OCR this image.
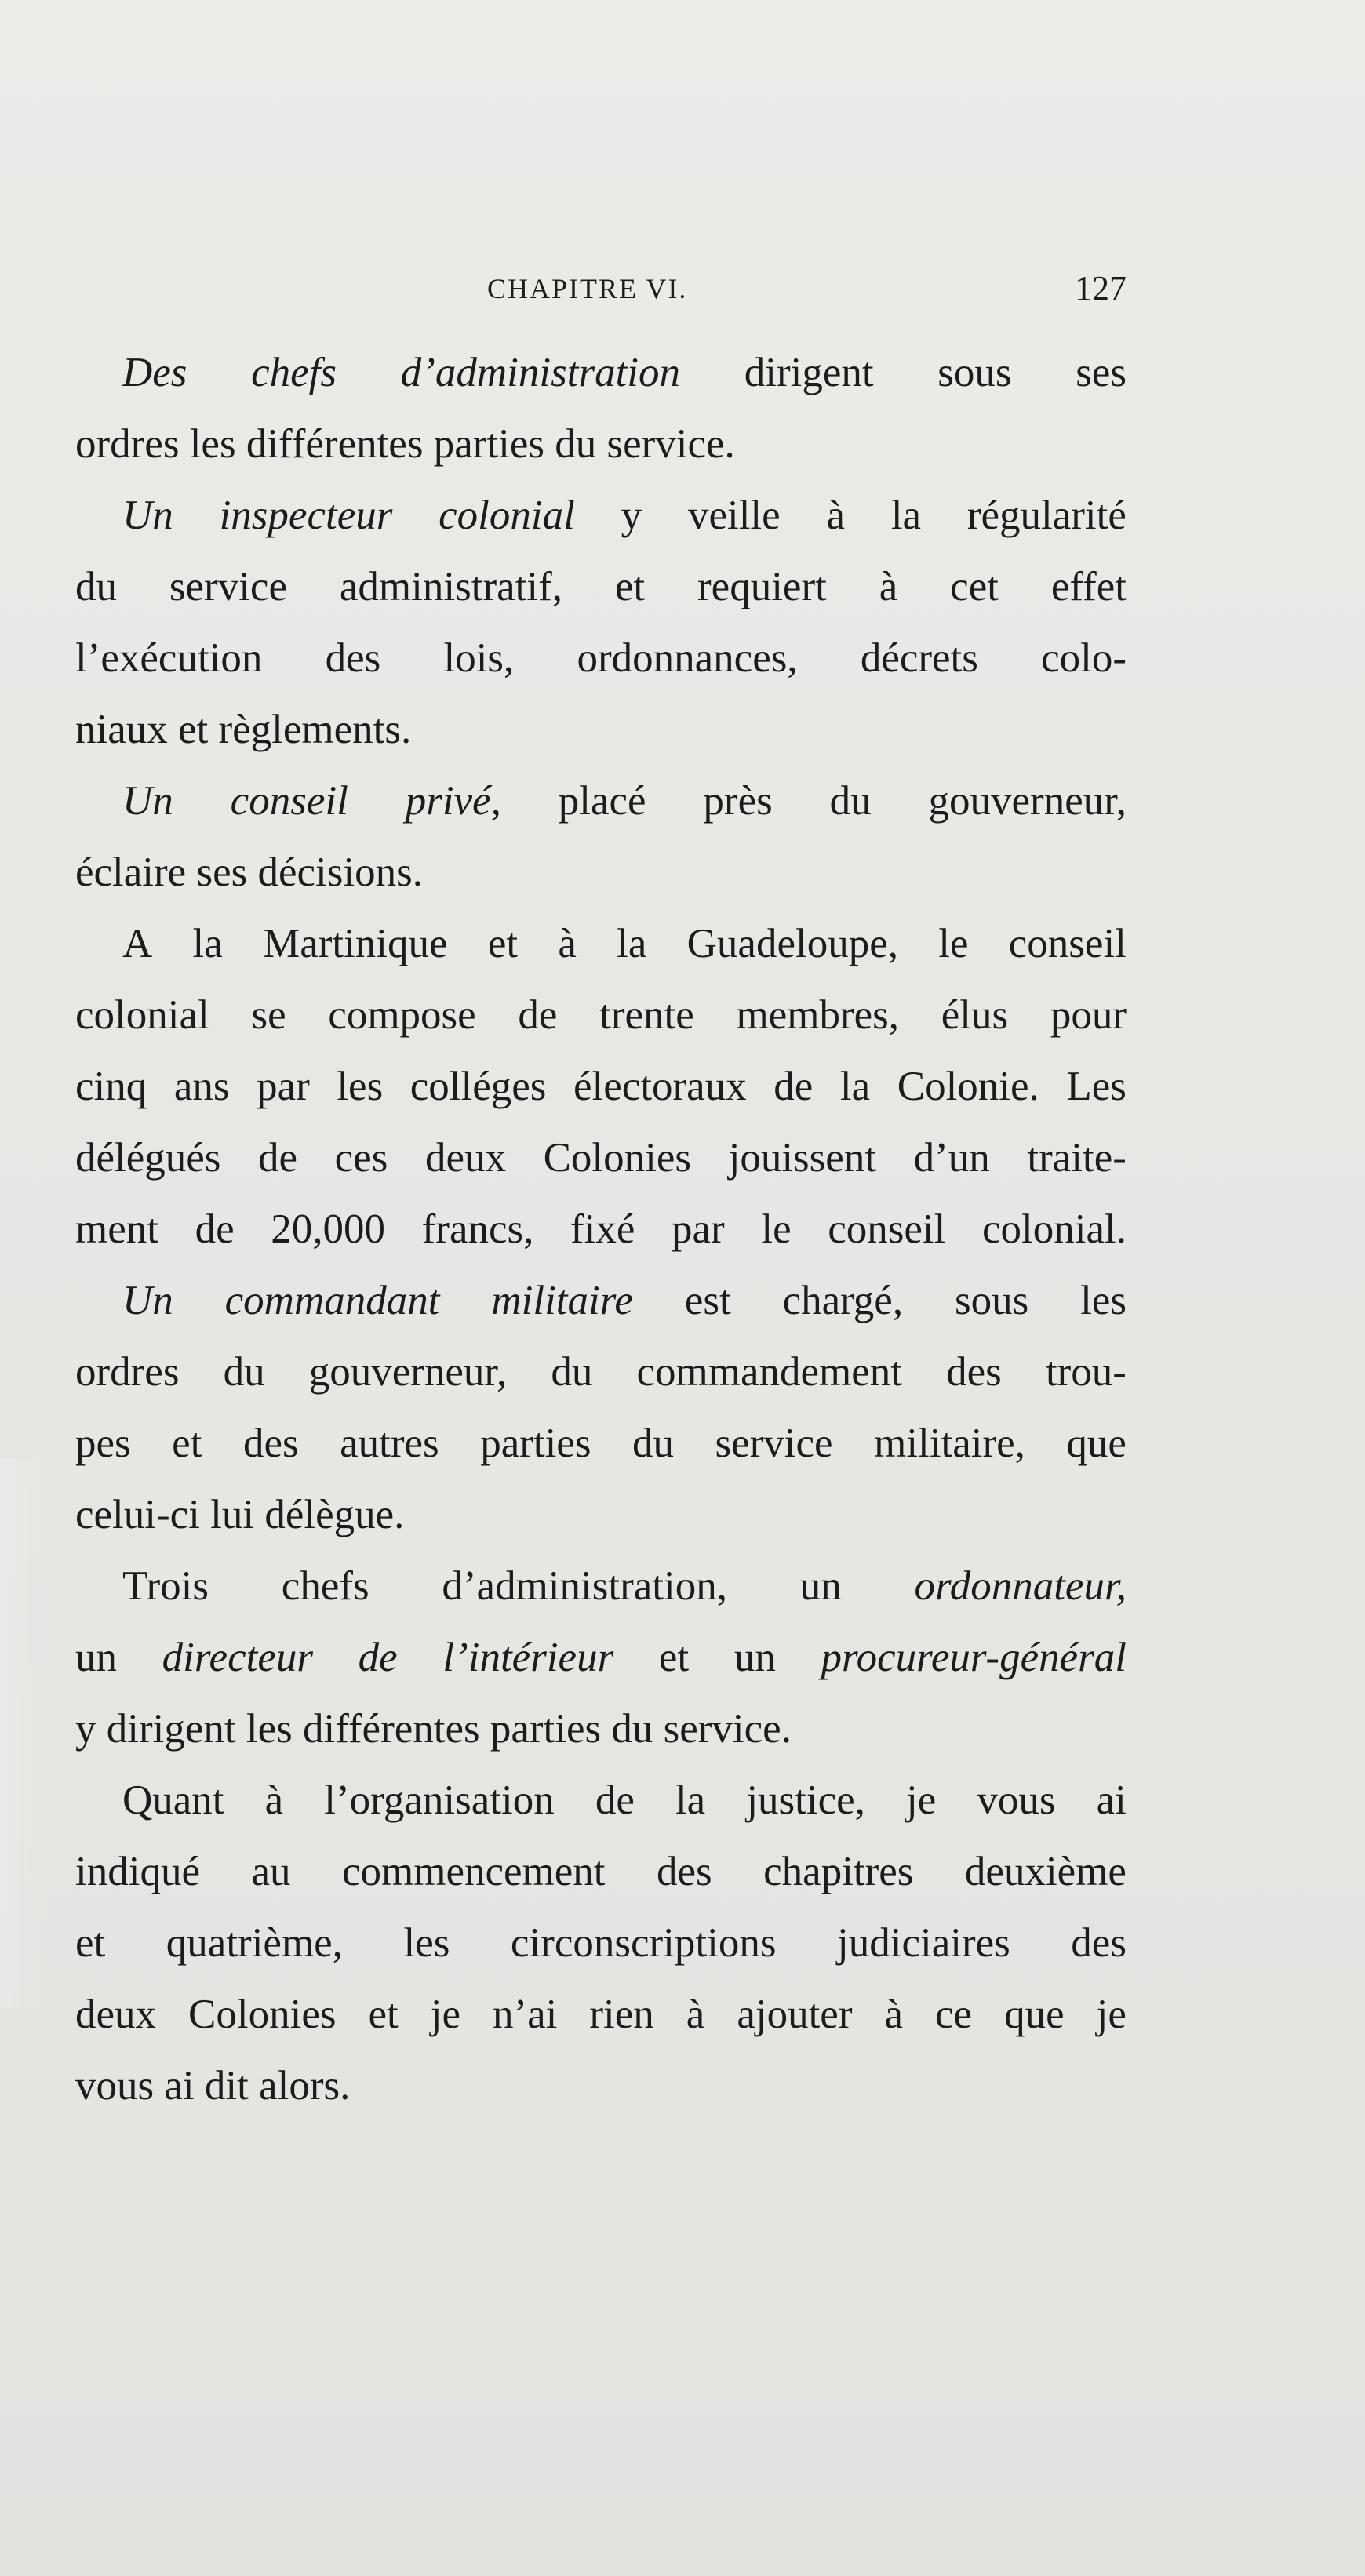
CHAPITRE VI.	127
Des chefs d’administration dirigent sous ses
ordres les différentes parties du service.
Un inspecteur colonial y veille à la régularité
du service administratif, et requiert à cet effet
l’exécution des lois, ordonnances, décrets colo-
niaux et règlements.
Un conseil privé, placé près du gouverneur,
éclaire ses décisions.
A la Martinique et à la Guadeloupe, le conseil
colonial se compose de trente membres, élus pour
cinq ans par les colléges électoraux de la Colonie. Les
délégués de ces deux Colonies jouissent d’un traite-
ment de 20,000 francs, fixé par le conseil colonial.
Un commandant militaire est chargé, sous les
ordres du gouverneur, du commandement des trou-
pes et des autres parties du service militaire, que
celui-ci lui délègue.
Trois chefs d’administration, un ordonnateur,
un directeur de l’intérieur et un procureur-général
y dirigent les différentes parties du service.
Quant à l’organisation de la justice, je vous ai
indiqué au commencement des chapitres deuxième
et quatrième, les circonscriptions judiciaires des
deux Colonies et je n’ai rien à ajouter à ce que je
vous ai dit alors.
